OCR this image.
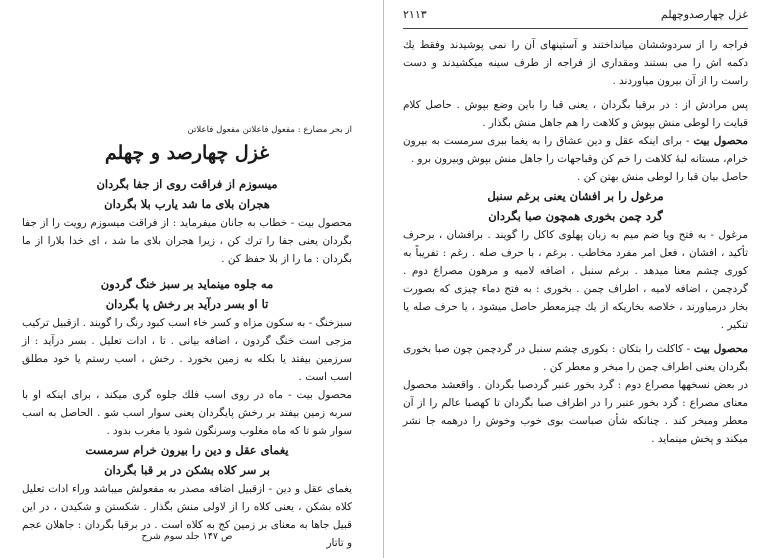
از بحر مضارع : مفعول فاعلاتن مفعول فاعلاتن
غزل چهارصد و چهلم

میسوزم از فراقت روی از جفا بگردان

هجران بلای ما شد یارب بلا بگردان

محصول بیت - خطاب به جانان میفرماید : از فراقت میسوزم رویت را از جفا بگردان یعنی جفا را ترك كن ، زیرا هجران بلای ما شد ، ای خدا بلارا از ما بگردان : ما را از بلا حفظ كن .

مه جلوه مینماید بر سبز خنگ گردون

تا او بسر درآید بر رخش پا بگردان

سبزخنگ - به سكون مزاه و كسر خاء اسب كبود رنگ را گویند . ازقبیل تركیب مزجی است خنگ گردون ، اضافه بیانی . تا ، ادات تعلیل . بسر درآید : از سرزمین بیفتد یا بكله به زمین بخورد . رخش ، اسب رستم یا خود مطلق اسب است .

محصول بیت - ماه در روی اسب فلك جلوه گری میكند ، برای اینكه او با سربه زمین بیفتد بر رخش پایگردان یعنی سوار اسب شو . الحاصل به اسب سوار شو تا كه ماه مغلوب وسرنگون شود یا مغرب بدود .

یغمای عقل و دین را بیرون خرام سرمست

بر سر كلاه بشكن در بر قبا بگردان

یغمای عقل و دین - ازقبیل اضافه مصدر به مفعولش میباشد وراء ادات تعلیل كلاه بشكن ، یعنی كلاه را از لاولی منش بگذار . شكستن و شكیدن ، در این قبیل جاها به معنای بر زمین كج به كلاه است . در برقبا بگردان : جاهلان عجم و تاتار

ص ۱۴۷ جلد سوم شرح
غزل چهارصدوچهلم
۲۱۱۳

فراجه را از سردوششان میانداختند و آستینهای آن را نمی پوشیدند وفقط یك دكمه اش را می بستند ومقداری از فراجه از طرف سینه میكشیدند و دست راست را از آن بیرون میاوردند .

پس مرادش از : در برقبا بگردان ، یعنی قبا را باین وضع بپوش . حاصل كلام قبایت را لوطی منش بپوش و كلاهت را هم جاهل منش بگذار .

محصول بیت - برای اینكه عقل و دین عشاق را به یغما ببری سرمست به بیرون خرام، مستانه لبهٔ كلاهت را خم كن وقباجهات را جاهل منش بپوش وبیرون برو .

حاصل بیان قبا را لوطی منش بهتن كن .

مرغول را بر افشان یعنی برغم سنبل

گرد چمن بخوری همچون صبا بگردان

مرغول - به فتح ویا ضم میم به زبان پهلوی كاكل را گویند . برافشان ، برحرف تأكید ، افشان ، فعل امر مفرد مخاطب . برغم ، با حرف صله . رغم : تفریباً به كوری چشم معنا میدهد . برغم سنبل ، اضافه لامیه و مرهون مصراع دوم . گردچمن ، اضافه لامیه ، اطراف چمن . بخوری : به فتح دماء چیزی كه بصورت بخار درمیاورند ، خلاصه بخاریكه از یك چیزمعطر حاصل میشود ، یا حرف صله یا تنكیر .

محصول بیت - كاكلت را بتكان : بكوری چشم سنبل در گردچمن چون صبا بخوری بگردان یعنی اطراف چمن را مبخر و معطر كن .

در بعض نسخهها مصراع دوم : گرد بخور عنبر گردصبا بگردان . واقعشد محصول معنای مصراع : گرد بخور عنبر را در اطراف صبا بگردان تا كهصبا عالم را از آن معطر ومبخر كند . چنانكه شأن صباست بوی خوب وخوش را درهمه جا نشر میكند و پخش مینماید .
